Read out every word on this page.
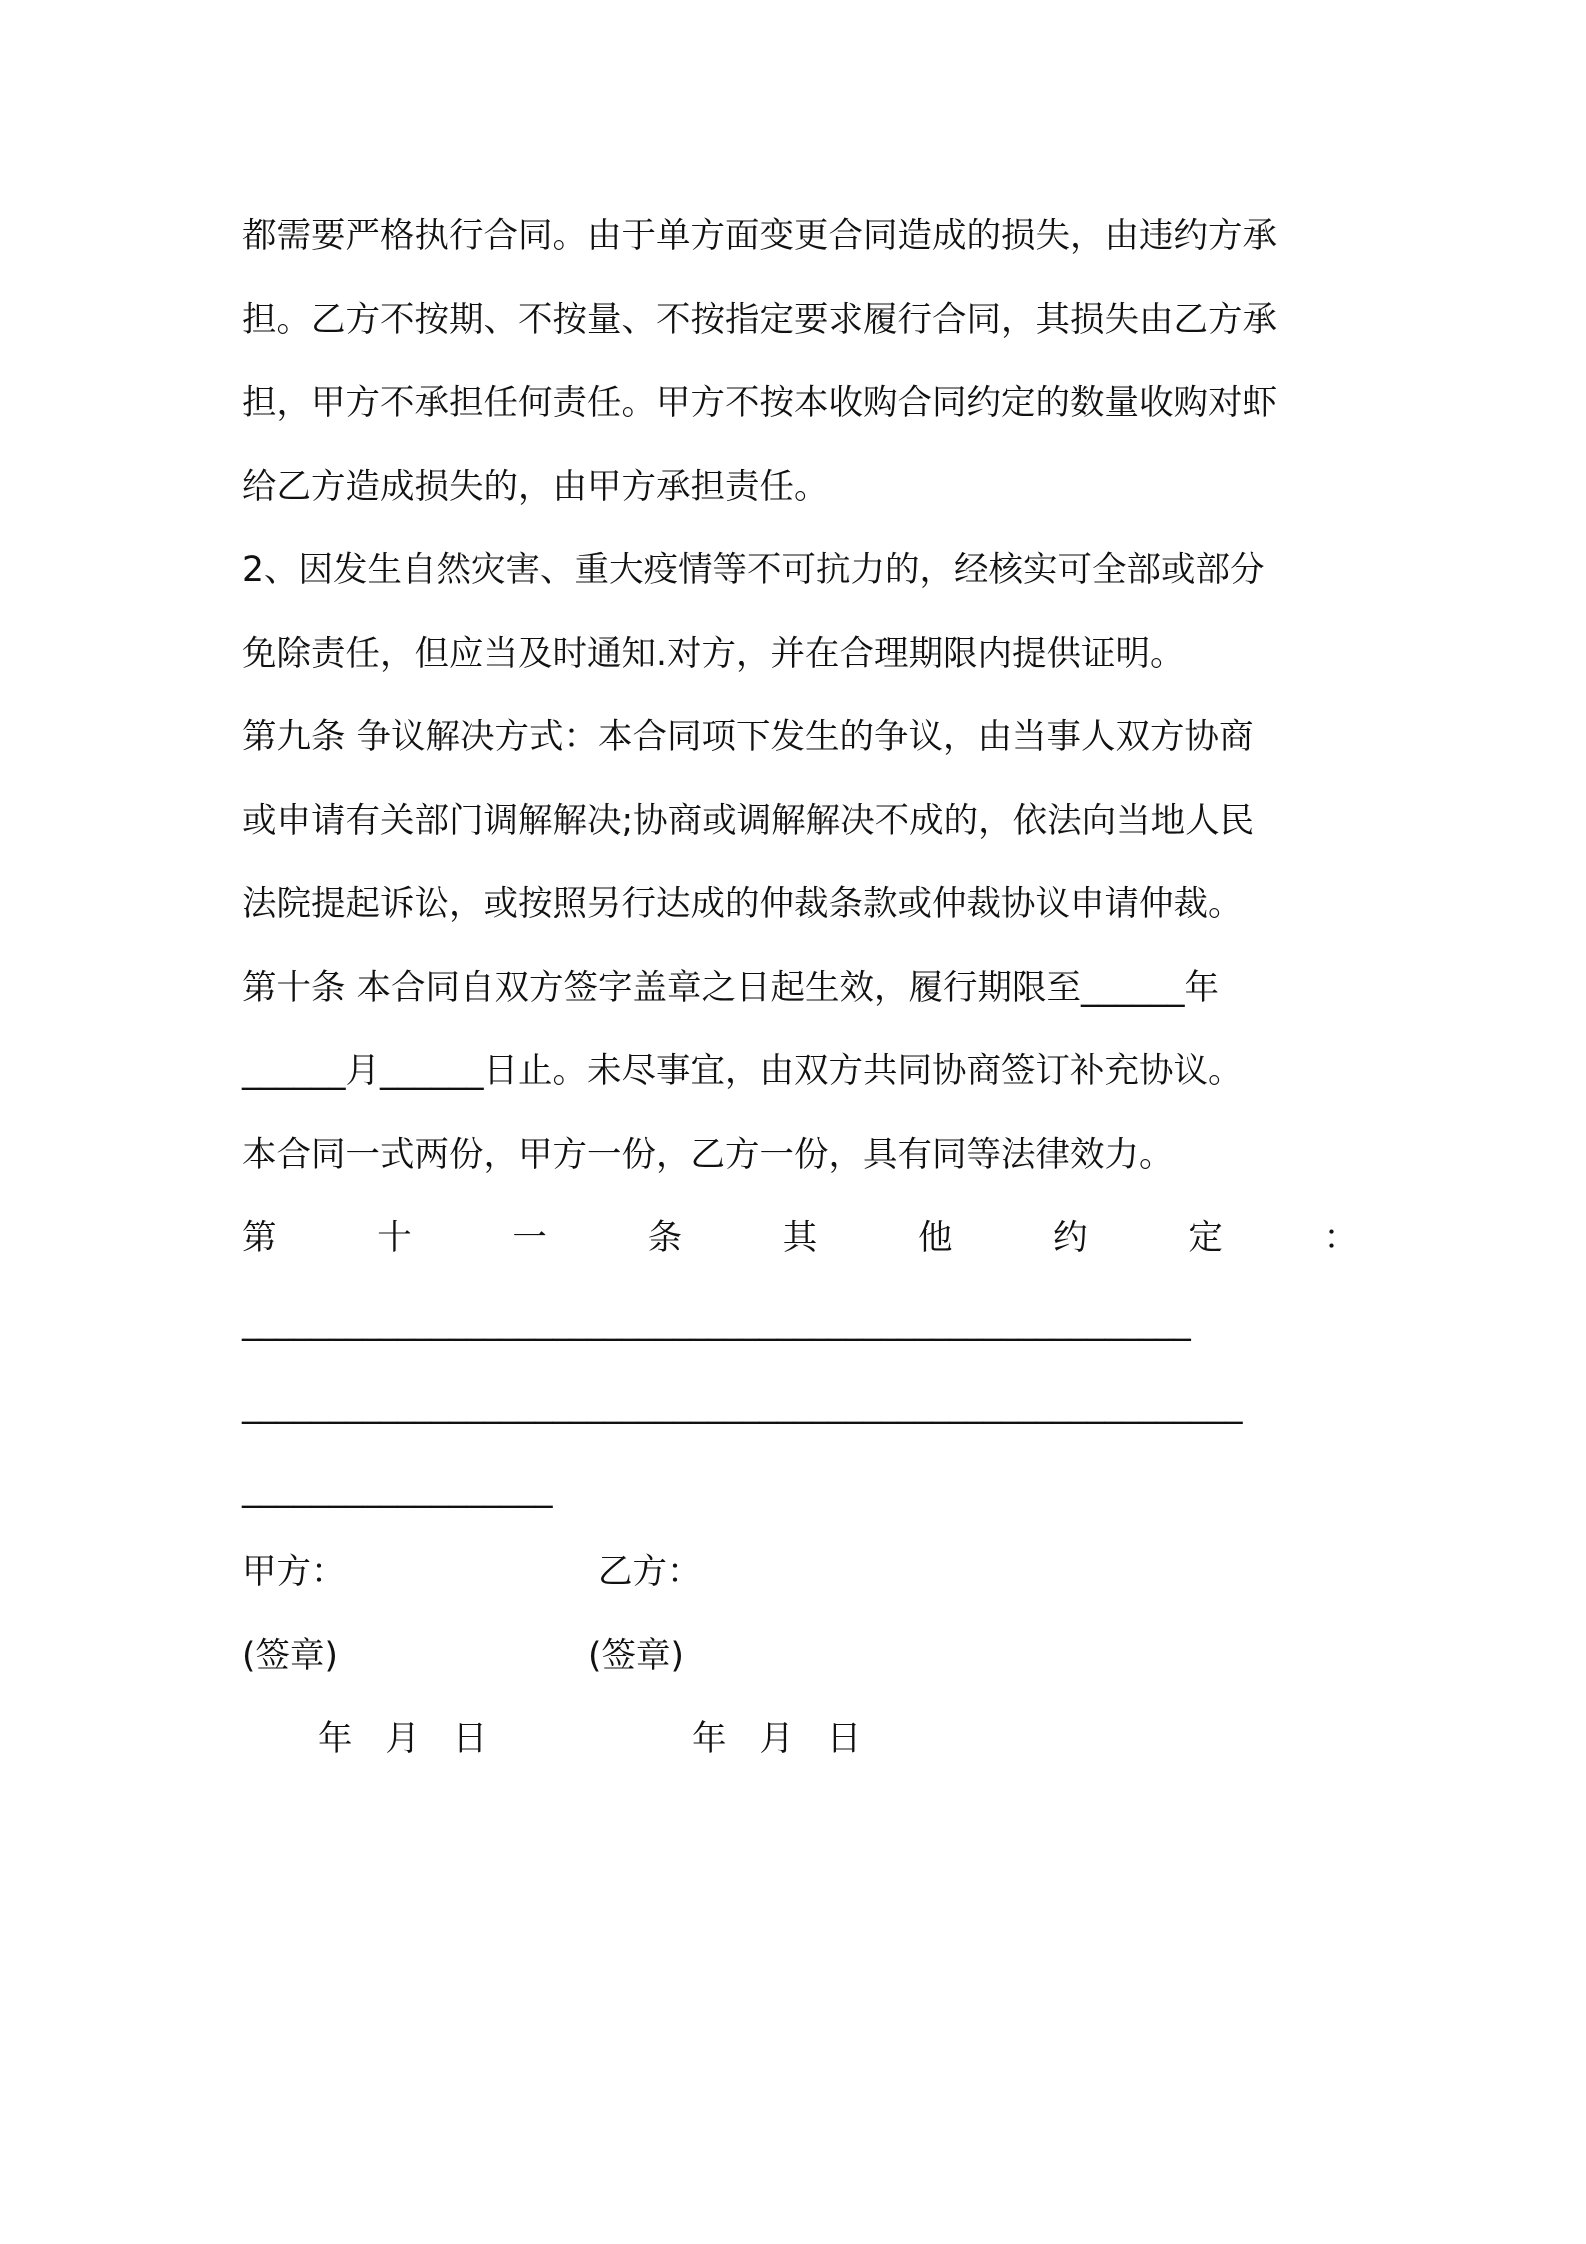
都需要严格执行合同。由于单方面变更合同造成的损失，由违约方承
担。乙方不按期、不按量、不按指定要求履行合同，其损失由乙方承
担，甲方不承担任何责任。甲方不按本收购合同约定的数量收购对虾
给乙方造成损失的，由甲方承担责任。
2、因发生自然灾害、重大疫情等不可抗力的，经核实可全部或部分
免除责任，但应当及时通知.对方，并在合理期限内提供证明。
第九条 争议解决方式：本合同项下发生的争议，由当事人双方协商
或申请有关部门调解解决;协商或调解解决不成的，依法向当地人民
法院提起诉讼，或按照另行达成的仲裁条款或仲裁协议申请仲裁。
第十条 本合同自双方签字盖章之日起生效，履行期限至______年
______月______日止。未尽事宜，由双方共同协商签订补充协议。
本合同一式两份，甲方一份，乙方一份，具有同等法律效力。
第	十	一	条	其	他	约	定	：
_______________________________________________________
__________________________________________________________
__________________
甲方：	乙方：
(签章)	(签章)
年   月   日	年   月   日
